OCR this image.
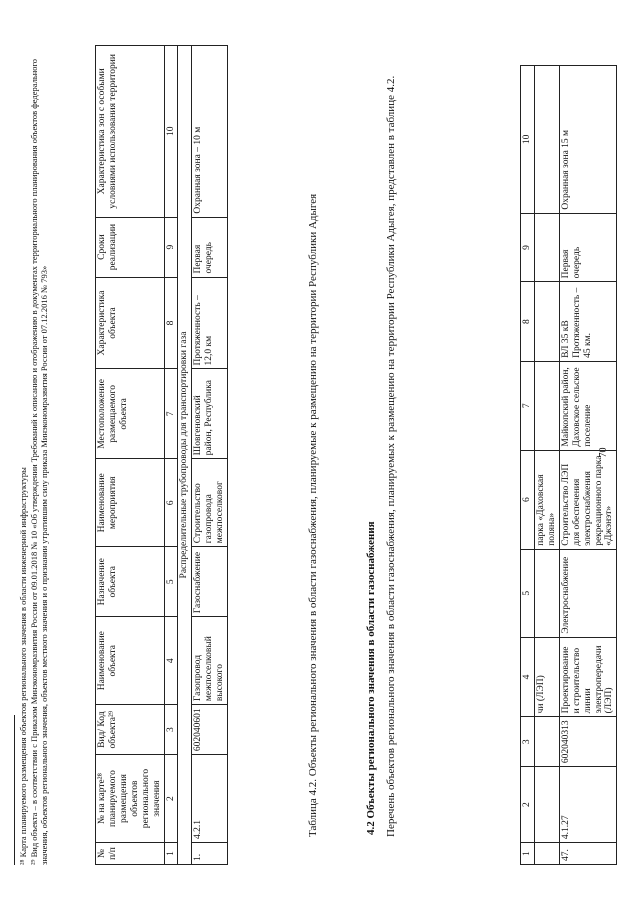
70
1	2	3	4	5	6	7	8	9	10
			чи (ЛЭП)		парка «Даховская поляна»				
47.	4.1.27	602040313	Проектирование и строительство линии электропередачи (ЛЭП)	Электроснабжение	Строительство ЛЭП для обеспечения электроснабжения рекреационного парка «Джэнэт»	Майкопский район, Даховское сельское поселение	ВЛ 35 кВ Протяженность – 45 км.	Первая очередь	Охранная зона 15 м
4.2 Объекты регионального значения в области газоснабжения Перечень объектов регионального значения в области газоснабжения, планируемых к размещению на территории Республики Адыгея, представлен в таблице 4.2.
Таблица 4.2. Объекты регионального значения в области газоснабжения, планируемые к размещению на территории Республики Адыгея
№ п/п	№ на карте²⁸ планируемого размещения объектов регионального значения	Вид/ Код объекта²⁹	Наименование объекта	Назначение объекта	Наименование мероприятия	Местоположение размещаемого объекта	Характеристика объекта	Сроки реализации	Характеристика зон с особыми условиями использования территории
1	2	3	4	5	6	7	8	9	10
Распределительные трубопроводы для транспортировки газа									
1.	4.2.1	602040601	Газопровод межпоселковый высокого	Газоснабжение	Строительство газопровода межпоселковог	Шовгеновский район, Республика	Протяженность – 12,0 км	Первая очередь	Охранная зона – 10 м
²⁸ Карта планируемого размещения объектов регионального значения в области инженерной инфраструктуры ²⁹ Вид объекта – в соответствии с Приказом Минэкономразвития России от 09.01.2018 № 10 «Об утверждении Требований к описанию и отображению в документах территориального планирования объектов федерального значения, объектов регионального значения, объектов местного значения и о признании утратившим силу приказа Минэкономразвития России от 07.12.2016 № 793»
